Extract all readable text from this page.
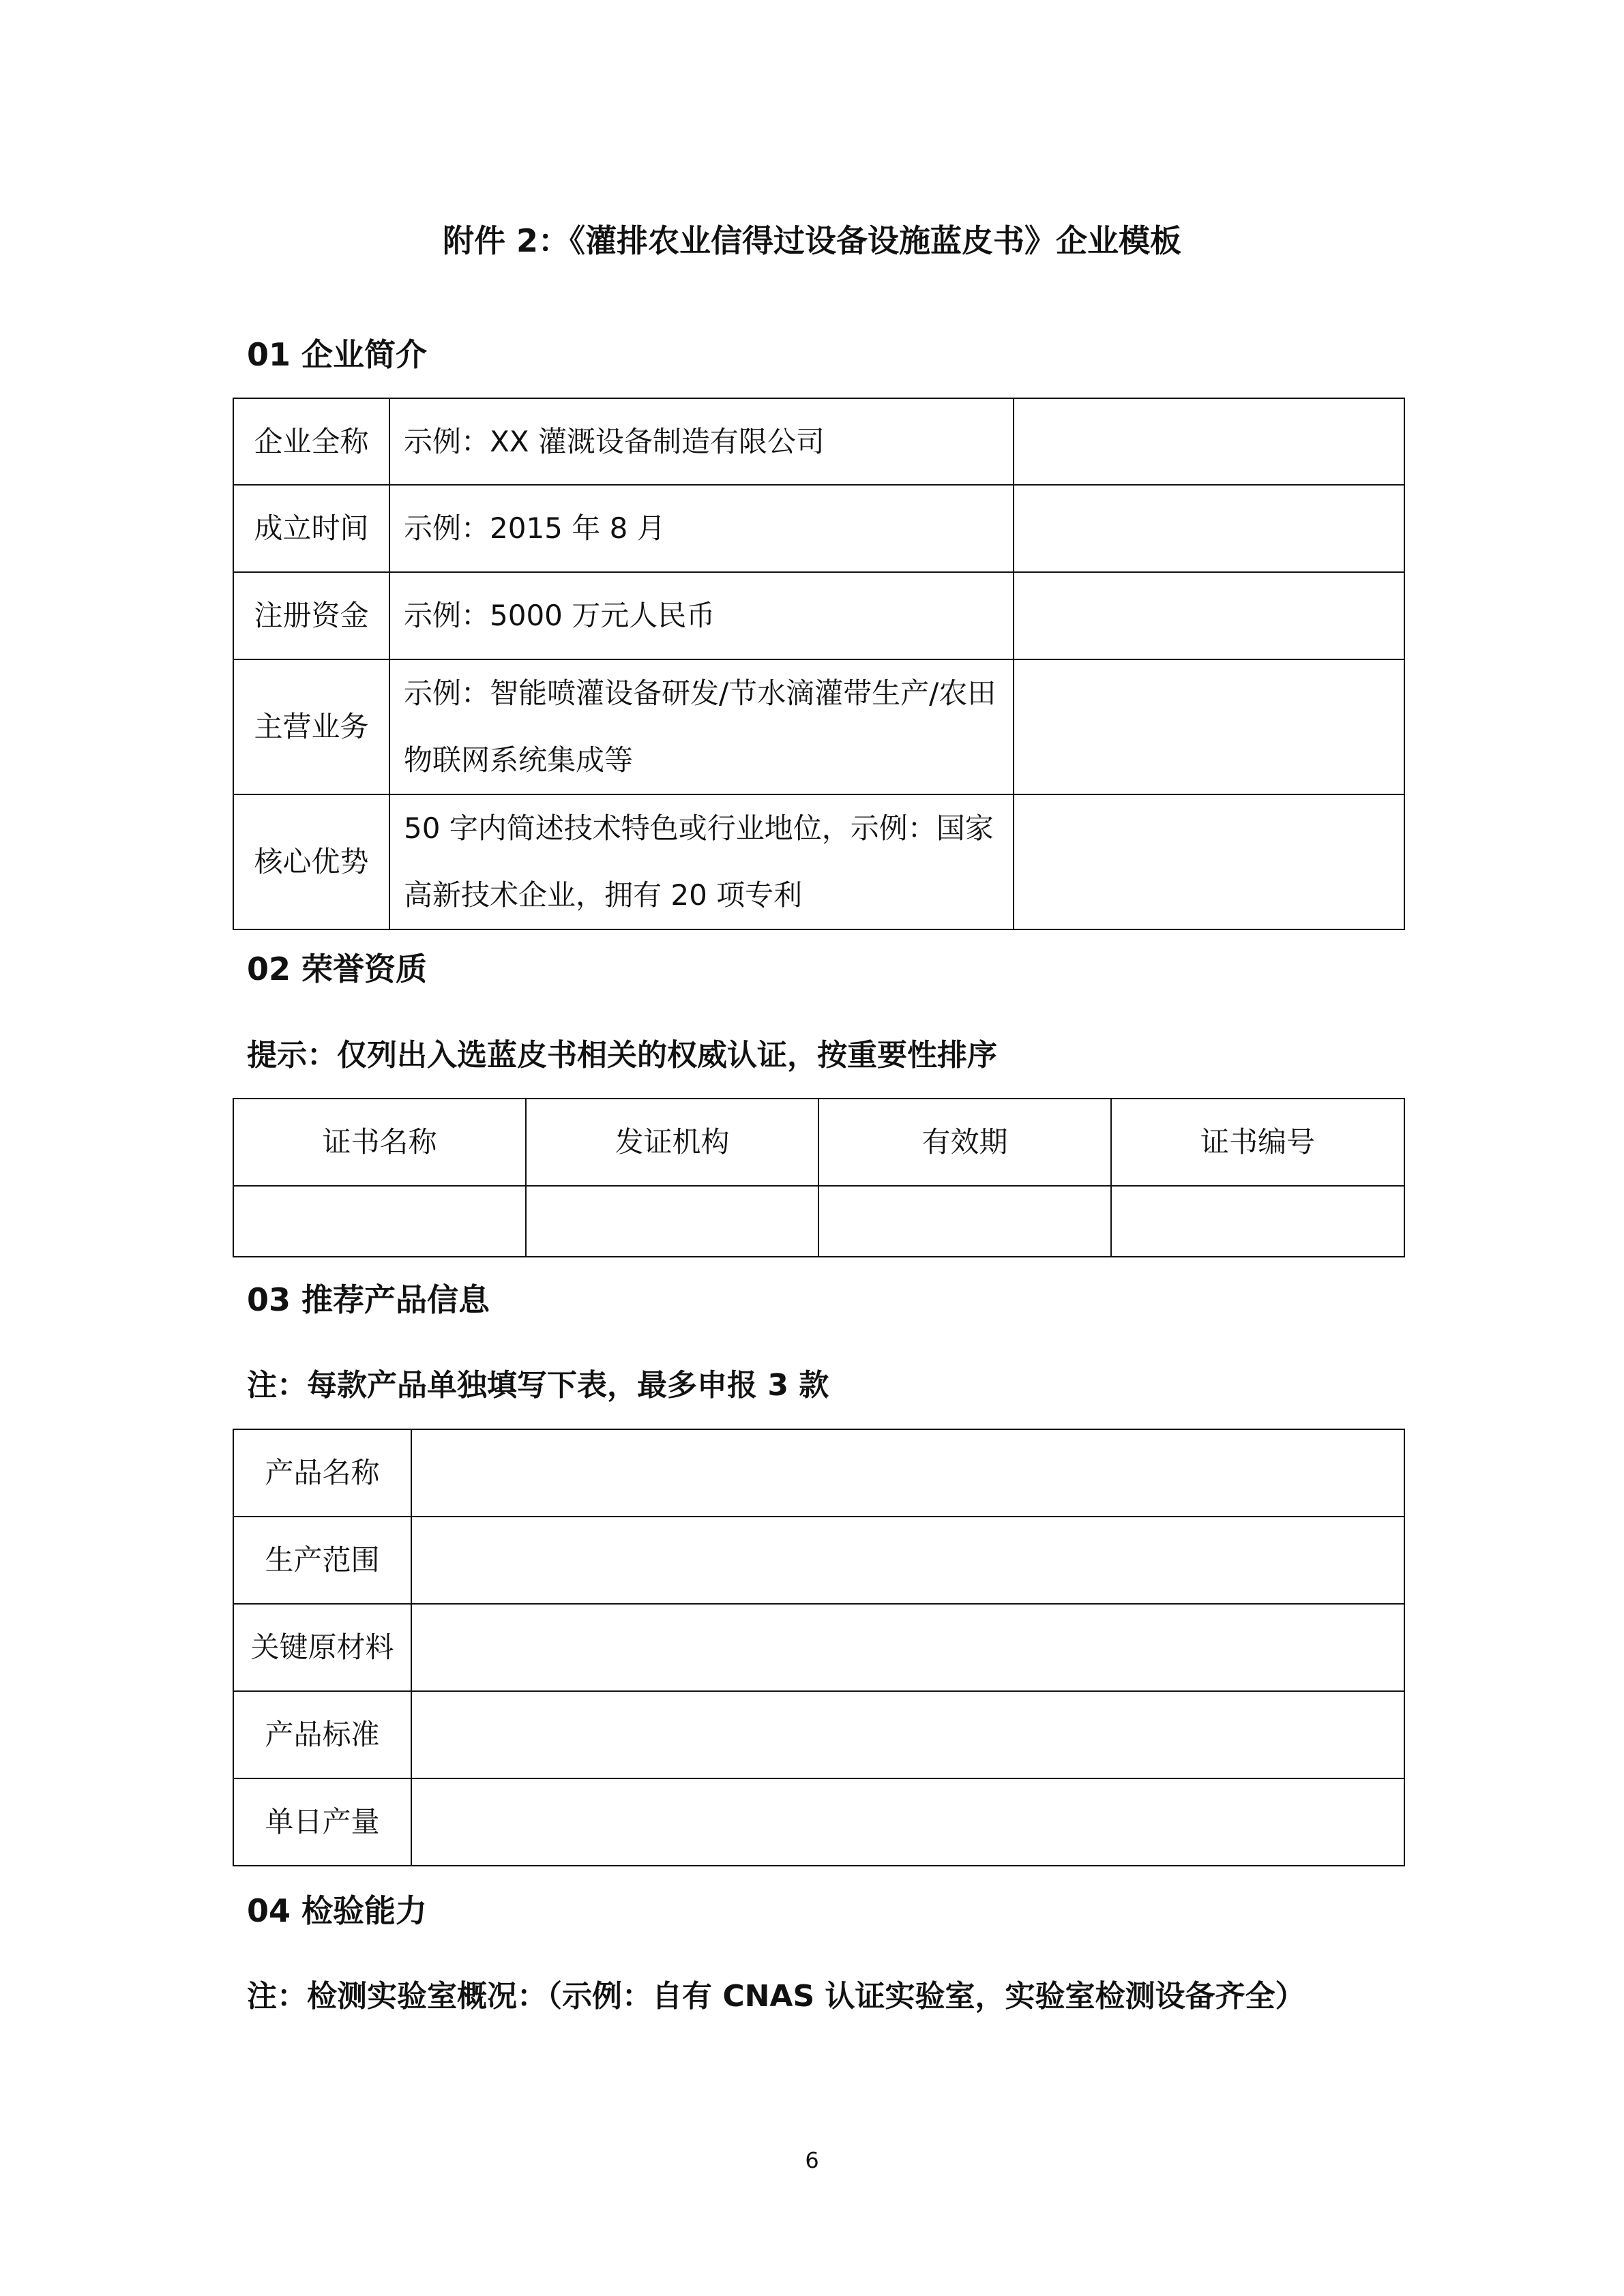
附件 2：《灌排农业信得过设备设施蓝皮书》企业模板
01 企业简介
企业全称	示例：XX 灌溉设备制造有限公司	
成立时间	示例：2015 年 8 月	
注册资金	示例：5000 万元人民币	
主营业务	示例：智能喷灌设备研发/节水滴灌带生产/农田
物联网系统集成等	

核心优势	50 字内简述技术特色或行业地位，示例：国家
高新技术企业，拥有 20 项专利	

02 荣誉资质
提示：仅列出入选蓝皮书相关的权威认证，按重要性排序
证书名称	发证机构	有效期	证书编号

03 推荐产品信息
注：每款产品单独填写下表，最多申报 3 款
产品名称	
生产范围	
关键原材料	
产品标准	
单日产量	
04 检验能力
注：检测实验室概况：（示例：自有 CNAS 认证实验室，实验室检测设备齐全）
6
